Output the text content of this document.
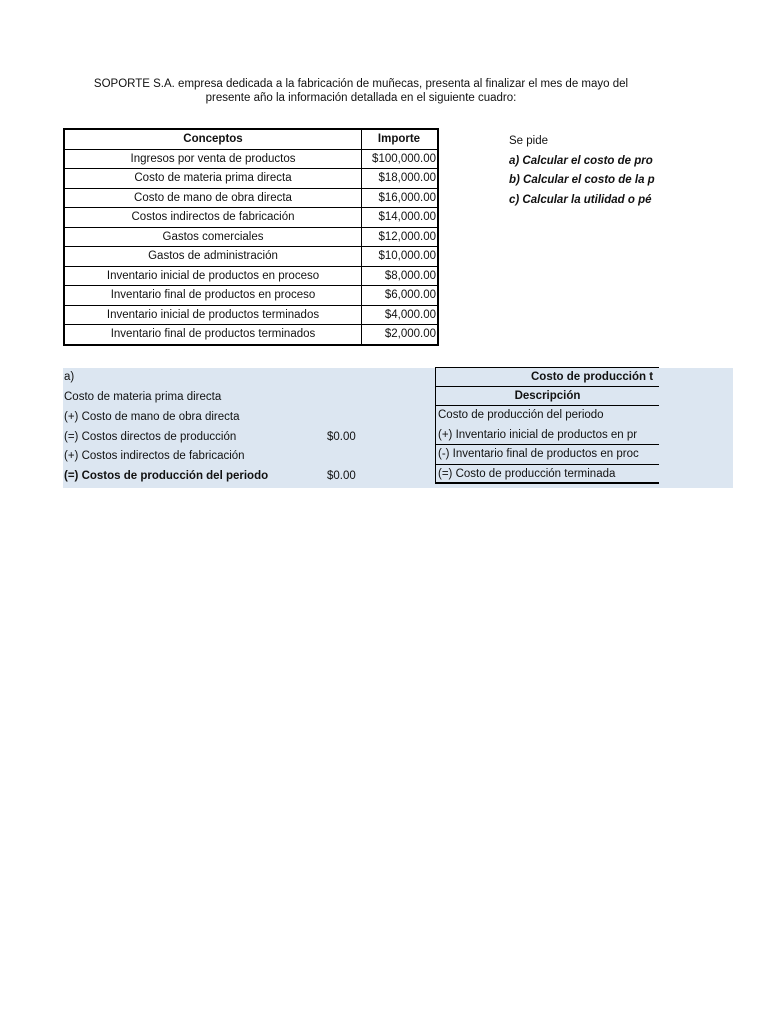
SOPORTE S.A. empresa dedicada a la fabricación de muñecas, presenta al finalizar el mes de mayo del
presente año la información detallada en el siguiente cuadro:
Conceptos	Importe
Ingresos por venta de productos	$100,000.00
Costo de materia prima directa	$18,000.00
Costo de mano de obra directa	$16,000.00
Costos indirectos de fabricación	$14,000.00
Gastos comerciales	$12,000.00
Gastos de administración	$10,000.00
Inventario inicial de productos en proceso	$8,000.00
Inventario final de productos en proceso	$6,000.00
Inventario inicial de productos terminados	$4,000.00
Inventario final de productos terminados	$2,000.00
Se pide
a) Calcular el costo de pro
b) Calcular el costo de la p
c) Calcular la utilidad o pé
a)
Costo de materia prima directa
(+) Costo de mano de obra directa
(=) Costos directos de producción	$0.00
(+) Costos indirectos de fabricación
(=) Costos de producción del periodo	$0.00
Costo de producción t
Descripción
Costo de producción del periodo
(+) Inventario inicial de productos en pr
(-) Inventario final de productos en proc
(=) Costo de producción terminada
